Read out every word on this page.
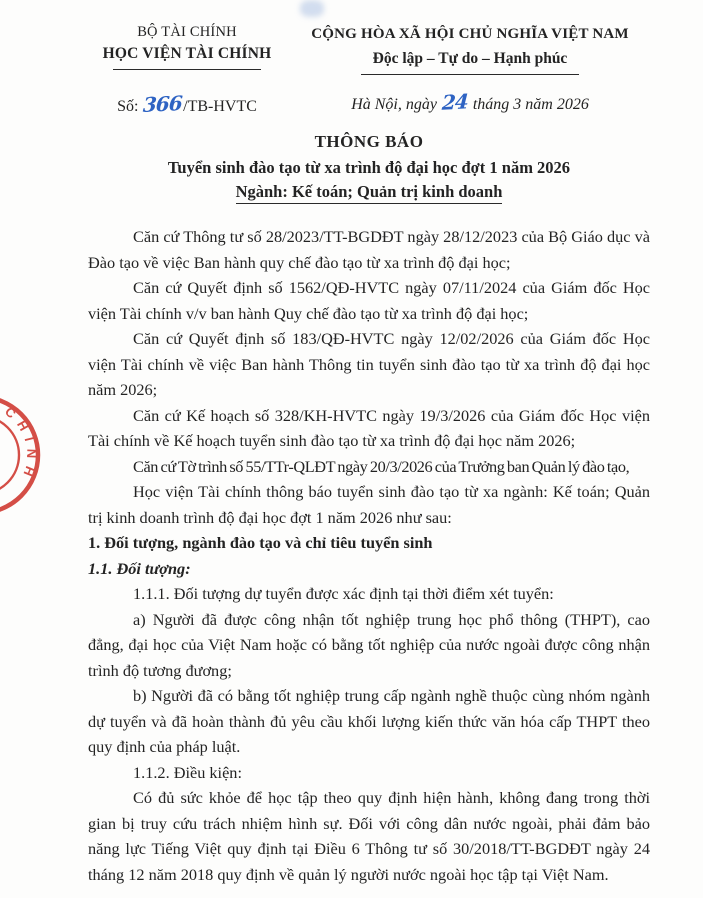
BỘ TÀI CHÍNH
HỌC VIỆN TÀI CHÍNH
CỘNG HÒA XÃ HỘI CHỦ NGHĨA VIỆT NAM
Độc lập – Tự do – Hạnh phúc
Số: 366/TB-HVTC	Hà Nội, ngày 24 tháng 3 năm 2026
THÔNG BÁO
Tuyển sinh đào tạo từ xa trình độ đại học đợt 1 năm 2026
Ngành: Kế toán; Quản trị kinh doanh

Căn cứ Thông tư số 28/2023/TT-BGDĐT ngày 28/12/2023 của Bộ Giáo dục và Đào tạo về việc Ban hành quy chế đào tạo từ xa trình độ đại học;

Căn cứ Quyết định số 1562/QĐ-HVTC ngày 07/11/2024 của Giám đốc Học viện Tài chính v/v ban hành Quy chế đào tạo từ xa trình độ đại học;

Căn cứ Quyết định số 183/QĐ-HVTC ngày 12/02/2026 của Giám đốc Học viện Tài chính về việc Ban hành Thông tin tuyển sinh đào tạo từ xa trình độ đại học năm 2026;

Căn cứ Kế hoạch số 328/KH-HVTC ngày 19/3/2026 của Giám đốc Học viện Tài chính về Kế hoạch tuyển sinh đào tạo từ xa trình độ đại học năm 2026;

Căn cứ Tờ trình số 55/TTr-QLĐT ngày 20/3/2026 của Trưởng ban Quản lý đào tạo,

Học viện Tài chính thông báo tuyển sinh đào tạo từ xa ngành: Kế toán; Quản trị kinh doanh trình độ đại học đợt 1 năm 2026 như sau:

1. Đối tượng, ngành đào tạo và chỉ tiêu tuyển sinh

1.1. Đối tượng:

1.1.1. Đối tượng dự tuyển được xác định tại thời điểm xét tuyển:

a) Người đã được công nhận tốt nghiệp trung học phổ thông (THPT), cao đẳng, đại học của Việt Nam hoặc có bằng tốt nghiệp của nước ngoài được công nhận trình độ tương đương;

b) Người đã có bằng tốt nghiệp trung cấp ngành nghề thuộc cùng nhóm ngành dự tuyển và đã hoàn thành đủ yêu cầu khối lượng kiến thức văn hóa cấp THPT theo quy định của pháp luật.

1.1.2. Điều kiện:

Có đủ sức khỏe để học tập theo quy định hiện hành, không đang trong thời gian bị truy cứu trách nhiệm hình sự. Đối với công dân nước ngoài, phải đảm bảo năng lực Tiếng Việt quy định tại Điều 6 Thông tư số 30/2018/TT-BGDĐT ngày 24 tháng 12 năm 2018 quy định về quản lý người nước ngoài học tập tại Việt Nam.

CHÍNH
